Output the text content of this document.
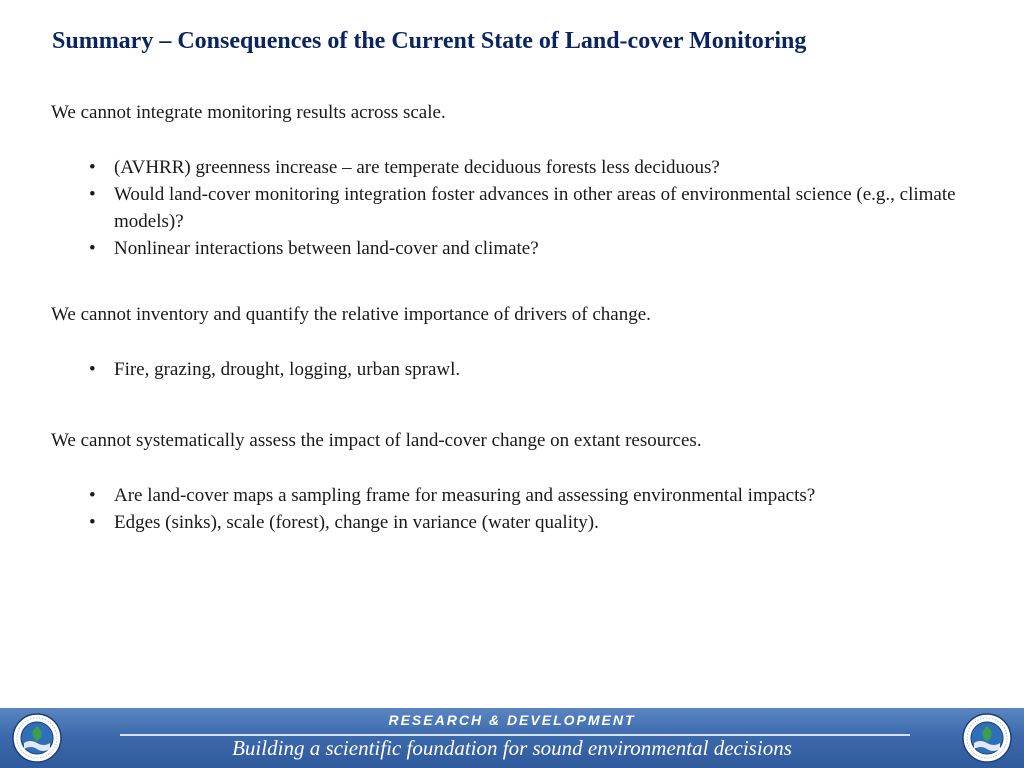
Summary – Consequences of the Current State of Land-cover Monitoring

We cannot integrate monitoring results across scale.

• (AVHRR) greenness increase – are temperate deciduous forests less deciduous?
• Would land-cover monitoring integration foster advances in other areas of environmental science (e.g., climate models)?
• Nonlinear interactions between land-cover and climate?

We cannot inventory and quantify the relative importance of drivers of change.

• Fire, grazing, drought, logging, urban sprawl.

We cannot systematically assess the impact of land-cover change on extant resources.

• Are land-cover maps a sampling frame for measuring and assessing environmental impacts?
• Edges (sinks), scale (forest), change in variance (water quality).
RESEARCH & DEVELOPMENT
Building a scientific foundation for sound environmental decisions
